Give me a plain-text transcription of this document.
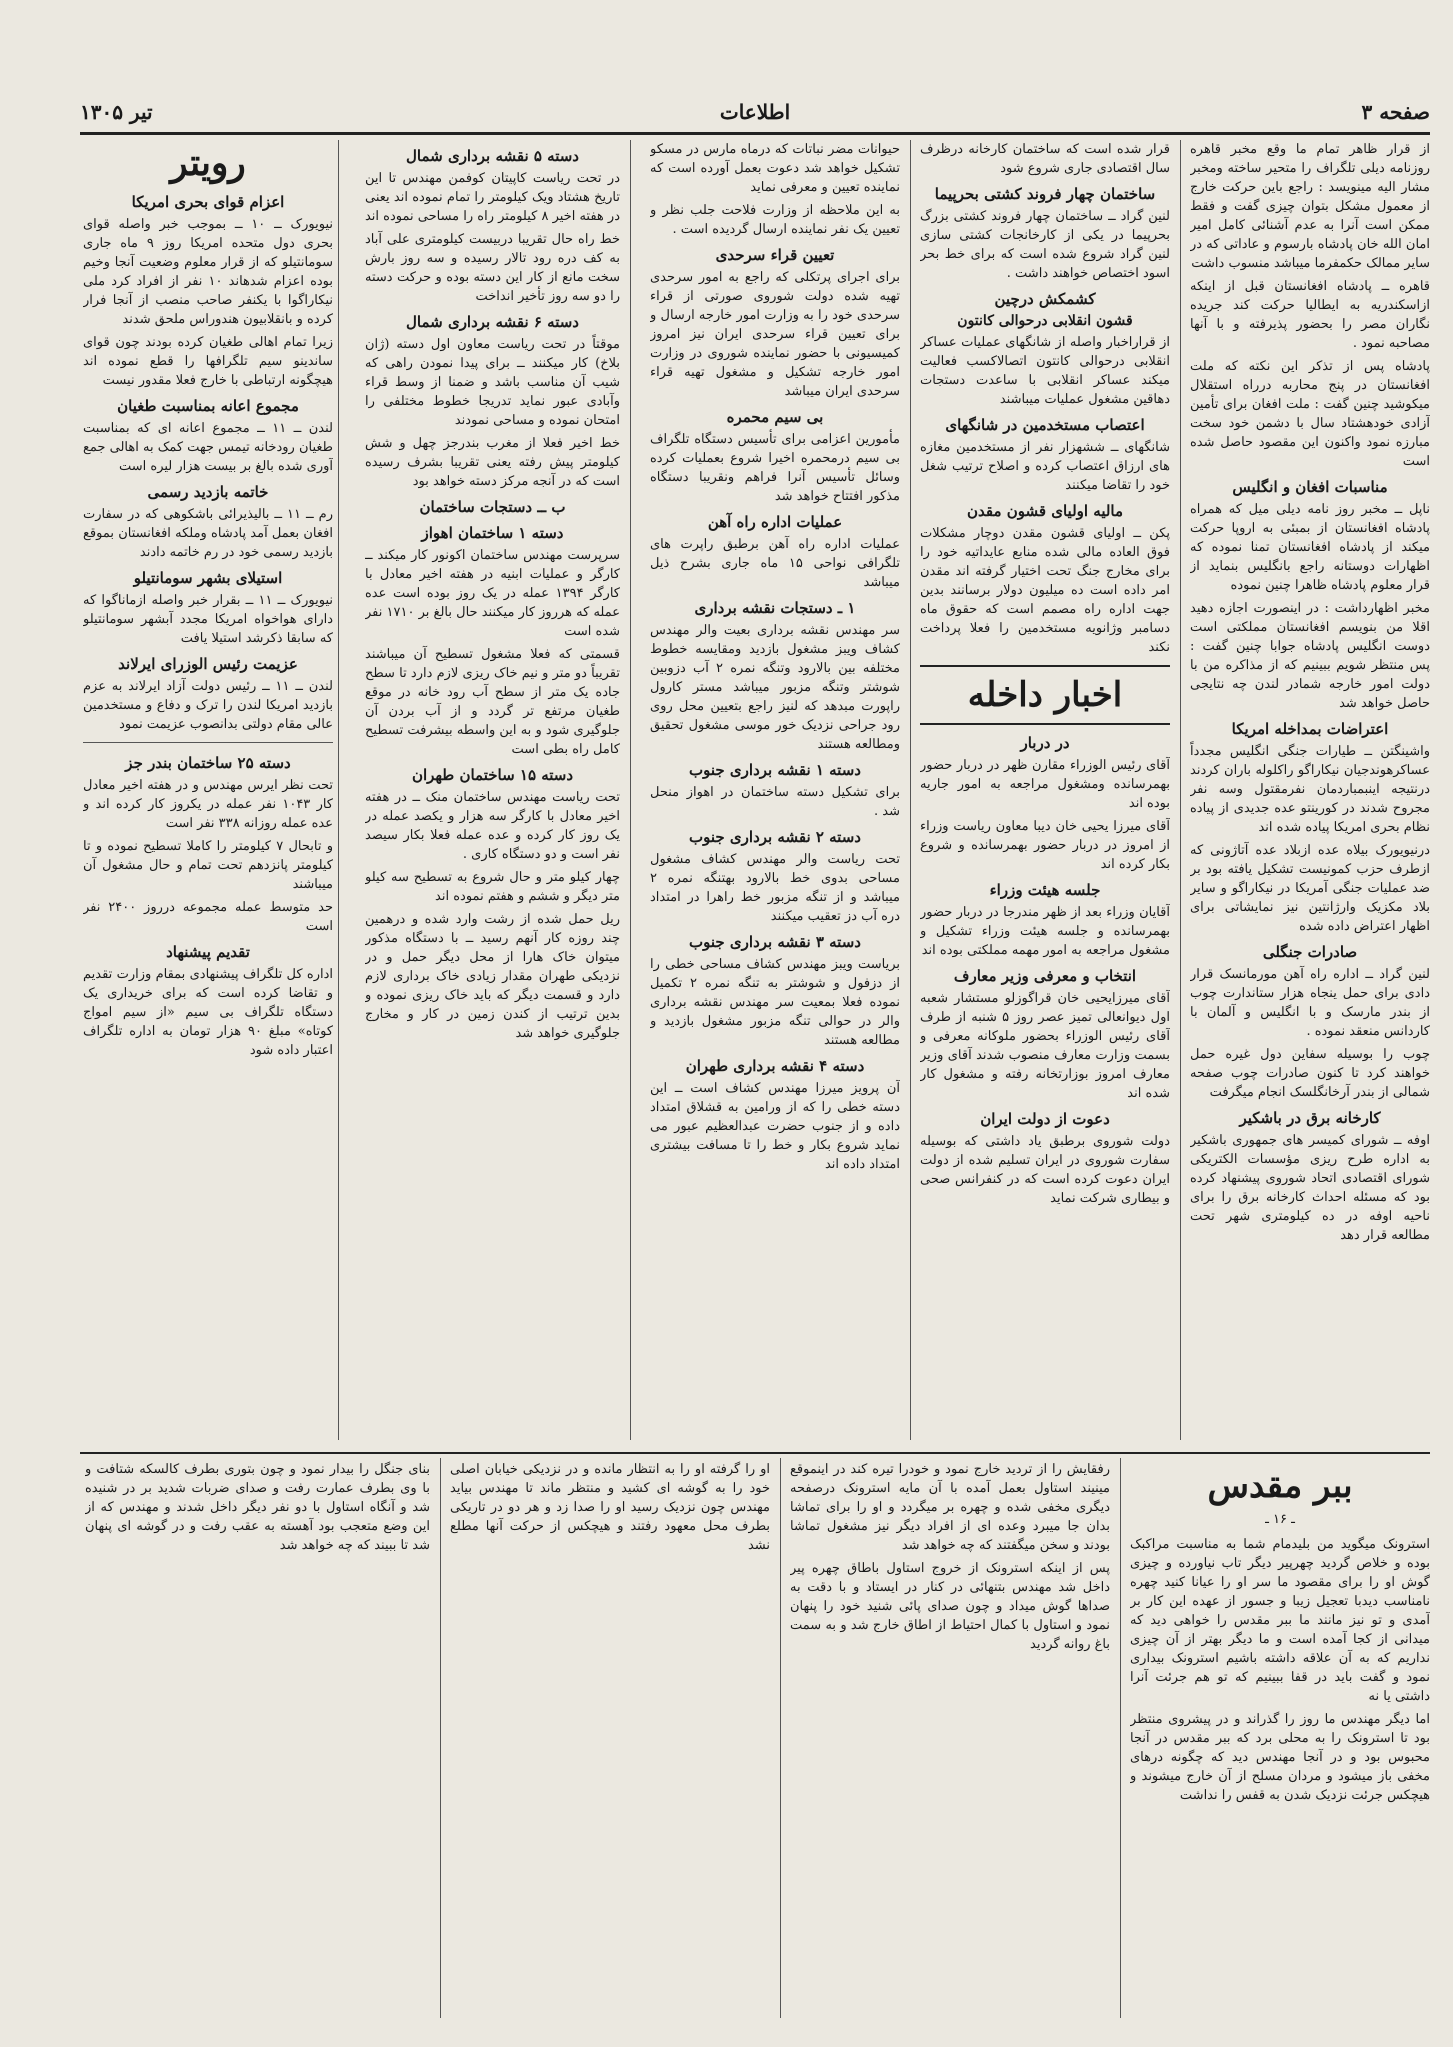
صفحه ۳
اطلاعات
تیر ۱۳۰۵

از قرار ظاهر تمام ما وقع مخبر قاهره روزنامه دیلی تلگراف را متحیر ساخته ومخبر مشار الیه مینویسد : راجع باین حرکت خارج از معمول مشکل بتوان چیزی گفت و فقط ممکن است آنرا به عدم آشنائی کامل امیر امان الله خان پادشاه بارسوم و عاداتی که در سایر ممالک حکمفرما میباشد منسوب داشت

قاهره ــ پادشاه افغانستان قبل از اینکه ازاسکندریه به ایطالیا حرکت کند جریده نگاران مصر را بحضور پذیرفته و با آنها مصاحبه نمود .

پادشاه پس از تذکر این نکته که ملت افغانستان در پنج محاربه درراه استقلال میکوشید چنین گفت : ملت افغان برای تأمین آزادی خودهشتاد سال با دشمن خود سخت مبارزه نمود واکنون این مقصود حاصل شده است

مناسبات افغان و انگلیس

ناپل ــ مخبر روز نامه دیلی میل که همراه پادشاه افغانستان از بمبئی به اروپا حرکت میکند از پادشاه افغانستان تمنا نموده که اظهارات دوستانه راجع بانگلیس بنماید از قرار معلوم پادشاه ظاهرا چنین نموده

مخبر اظهارداشت : در اینصورت اجازه دهید اقلا من بنویسم افغانستان مملکتی است دوست انگلیس پادشاه جوابا چنین گفت : پس منتظر شویم ببینیم که از مذاکره من با دولت امور خارجه شمادر لندن چه نتایجی حاصل خواهد شد

اعتراضات بمداخله امریکا

واشینگتن ــ طیارات جنگی انگلیس مجدداً عساکرهوندجیان نیکاراگو راکلوله باران کردند درنتیجه اینبمباردمان نفرمقتول وسه نفر مجروح شدند در کورینتو عده جدیدی از پیاده نظام بحری امریکا پیاده شده اند

درنیویورک بیلاه عده ازبلاد عده آتاژونی که ازطرف حزب کمونیست تشکیل یافته بود بر ضد عملیات جنگی آمریکا در نیکاراگو و سایر بلاد مکزیک وارژانتین نیز نمایشاتی برای اظهار اعتراض داده شده

صادرات جنگلی

لنین گراد ــ اداره راه آهن مورمانسک قرار دادی برای حمل ینجاه هزار ستاندارت چوب از بندر مارسک و با انگلیس و آلمان با کاردانس منعقد نموده .

چوب را بوسیله سفاین دول غیره حمل خواهند کرد تا کنون صادرات چوب صفحه شمالی از بندر آرخانگلسک انجام میگرفت

کارخانه برق در باشکیر

اوفه ــ شورای کمیسر های جمهوری باشکیر به اداره طرح ریزی مؤسسات الکتریکی شورای اقتصادی اتحاد شوروی پیشنهاد کرده بود که مسئله احداث کارخانه برق را برای ناحیه اوفه در ده کیلومتری شهر تحت مطالعه قرار دهد

قرار شده است که ساختمان کارخانه درظرف سال اقتصادی جاری شروع شود

ساختمان چهار فروند کشتی بحرپیما

لنین گراد ــ ساختمان چهار فروند کشتی بزرگ بحرپیما در یکی از کارخانجات کشتی سازی لنین گراد شروع شده است که برای خط بحر اسود اختصاص خواهند داشت .

کشمکش درچین
قشون انقلابی درحوالی کانتون

از قراراخبار واصله از شانگهای عملیات عساکر انقلابی درحوالی کانتون اتصالاکسب فعالیت میکند عساکر انقلابی با ساعدت دستجات دهاقین مشغول عملیات میباشند

اعتصاب مستخدمین در شانگهای

شانگهای ــ ششهزار نفر از مستخدمین مغازه های ارزاق اعتصاب کرده و اصلاح ترتیب شغل خود را تقاضا میکنند

مالیه اولیای قشون مقدن

پکن ــ اولیای قشون مقدن دوچار مشکلات فوق العاده مالی شده منابع عایداتیه خود را برای مخارج جنگ تحت اختیار گرفته اند مقدن امر داده است ده میلیون دولار برسانند بدین جهت اداره راه مصمم است که حقوق ماه دسامبر وژانویه مستخدمین را فعلا پرداخت نکند

اخبار داخله
در دربار

آقای رئیس الوزراء مقارن ظهر در دربار حضور بهمرسانده ومشغول مراجعه به امور جاریه بوده اند

آقای میرزا یحیی خان دیبا معاون ریاست وزراء از امروز در دربار حضور بهمرسانده و شروع بکار کرده اند

جلسه هیئت وزراء

آقایان وزراء بعد از ظهر مندرجا در دربار حضور بهمرسانده و جلسه هیئت وزراء تشکیل و مشغول مراجعه به امور مهمه مملکتی بوده اند

انتخاب و معرفی وزیر معارف

آقای میرزایحیی خان قراگوزلو مستشار شعبه اول دیوانعالی تمیز عصر روز ۵ شنبه از طرف آقای رئیس الوزراء بحضور ملوکانه معرفی و بسمت وزارت معارف منصوب شدند آقای وزیر معارف امروز بوزارتخانه رفته و مشغول کار شده اند

دعوت از دولت ایران

دولت شوروی برطبق یاد داشتی که بوسیله سفارت شوروی در ایران تسلیم شده از دولت ایران دعوت کرده است که در کنفرانس صحی و بیطاری شرکت نماید

حیوانات مضر نباتات که درماه مارس در مسکو تشکیل خواهد شد دعوت بعمل آورده است که نماینده تعیین و معرفی نماید

به این ملاحظه از وزارت فلاحت جلب نظر و تعیین یک نفر نماینده ارسال گردیده است .

تعیین قراء سرحدی

برای اجرای پرتکلی که راجع به امور سرحدی تهیه شده دولت شوروی صورتی از قراء سرحدی خود را به وزارت امور خارجه ارسال و برای تعیین قراء سرحدی ایران نیز امروز کمیسیونی با حضور نماینده شوروی در وزارت امور خارجه تشکیل و مشغول تهیه قراء سرحدی ایران میباشد

بی سیم محمره

مأمورین اعزامی برای تأسیس دستگاه تلگراف بی سیم درمحمره اخیرا شروع بعملیات کرده وسائل تأسیس آنرا فراهم ونقریبا دستگاه مذکور افتتاح خواهد شد

عملیات اداره راه آهن

عملیات اداره راه آهن برطبق راپرت های تلگرافی نواحی ۱۵ ماه جاری بشرح ذیل میباشد

۱ ـ دستجات نقشه برداری

سر مهندس نقشه برداری بعیت والر مهندس کشاف ویبز مشغول بازدید ومقایسه خطوط مختلفه بین بالارود وتنگه نمره ۲ آب دزوبین شوشتر وتنگه مزبور میباشد مستر کارول راپورت مبدهد که لنیز راجع بتعیین محل روی رود جراحی نزدیک خور موسی مشغول تحقیق ومطالعه هستند

دسته ۱ نقشه برداری جنوب

برای تشکیل دسته ساختمان در اهواز منحل شد .

دسته ۲ نقشه برداری جنوب

تحت ریاست والر مهندس کشاف مشغول مساحی بدوی خط بالارود بهتنگه نمره ۲ میباشد و از تنگه مزبور خط راهرا در امتداد دره آب دز تعقیب میکنند

دسته ۳ نقشه برداری جنوب

بریاست ویبز مهندس کشاف مساحی خطی را از دزفول و شوشتر به تنگه نمره ۲ تکمیل نموده فعلا بمعیت سر مهندس نقشه برداری والر در حوالی تنگه مزبور مشغول بازدید و مطالعه هستند

دسته ۴ نقشه برداری طهران

آن پرویز میرزا مهندس کشاف است ــ این دسته خطی را که از ورامین به قشلاق امتداد داده و از جنوب حضرت عبدالعظیم عبور می نماید شروع بکار و خط را تا مسافت بیشتری امتداد داده اند

دسته ۵ نقشه برداری شمال

در تحت ریاست کاپیتان کوفمن مهندس تا این تاریخ هشتاد ویک کیلومتر را تمام نموده اند یعنی در هفته اخیر ۸ کیلومتر راه را مساحی نموده اند

خط راه حال تقریبا دربیست کیلومتری علی آباد به کف دره رود تالار رسیده و سه روز بارش سخت مانع از کار این دسته بوده و حرکت دسته را دو سه روز تأخیر انداخت

دسته ۶ نقشه برداری شمال

موقتاً در تحت ریاست معاون اول دسته (ژان بلاخ) کار میکنند ــ برای پیدا نمودن راهی که شیب آن مناسب باشد و ضمنا از وسط قراء وآبادی عبور نماید تدریجا خطوط مختلفی را امتحان نموده و مساحی نمودند

خط اخیر فعلا از مغرب بندرجز چهل و شش کیلومتر پیش رفته یعنی تقریبا بشرف رسیده است که در آنجه مرکز دسته خواهد بود

ب ــ دستجات ساختمان
دسته ۱ ساختمان اهواز

سرپرست مهندس ساختمان اکونور کار میکند ــ کارگر و عملیات ابنیه در هفته اخیر معادل با کارگر ۱۳۹۴ عمله در یک روز بوده است عده عمله که هرروز کار میکنند حال بالغ بر ۱۷۱۰ نفر شده است

قسمتی که فعلا مشغول تسطیح آن میباشند تقریباً دو متر و نیم خاک ریزی لازم دارد تا سطح جاده یک متر از سطح آب رود خانه در موقع طغیان مرتفع تر گردد و از آب بردن آن جلوگیری شود و به این واسطه بیشرفت تسطیح کامل راه بطی است

دسته ۱۵ ساختمان طهران

تحت ریاست مهندس ساختمان منک ــ در هفته اخیر معادل با کارگر سه هزار و یکصد عمله در یک روز کار کرده و عده عمله فعلا بکار سیصد نفر است و دو دستگاه کاری .

چهار کیلو متر و حال شروع به تسطیح سه کیلو متر دیگر و ششم و هفتم نموده اند

ریل حمل شده از رشت وارد شده و درهمین چند روزه کار آنهم رسید ــ با دستگاه مذکور میتوان خاک هارا از محل دیگر حمل و در نزدیکی طهران مقدار زیادی خاک برداری لازم دارد و قسمت دیگر که باید خاک ریزی نموده و بدین ترتیب از کندن زمین در کار و مخارج جلوگیری خواهد شد

رویتر
اعزام قوای بحری امریکا

نیویورک ــ ۱۰ ــ بموجب خبر واصله قوای بحری دول متحده امریکا روز ۹ ماه جاری سومانتیلو که از قرار معلوم وضعیت آنجا وخیم بوده اعزام شدهاند ۱۰ نفر از افراد کرد ملی نیکاراگوا با یکنفر صاحب منصب از آنجا فرار کرده و بانقلابیون هندوراس ملحق شدند

زیرا تمام اهالی طغیان کرده بودند چون قوای ساندینو سیم تلگرافها را قطع نموده اند هیچگونه ارتباطی با خارج فعلا مقدور نیست

مجموع اعانه بمناسبت طغیان

لندن ــ ۱۱ ــ مجموع اعانه ای که بمناسبت طغیان رودخانه تیمس جهت کمک به اهالی جمع آوری شده بالغ بر بیست هزار لیره است

خاتمه بازدید رسمی

رم ــ ۱۱ ــ بالیذیرائی باشکوهی که در سفارت افغان بعمل آمد پادشاه وملکه افغانستان بموقع بازدید رسمی خود در رم خاتمه دادند

استیلای بشهر سومانتیلو

نیویورک ــ ۱۱ ــ بقرار خبر واصله ازماناگوا که دارای هواخواه امریکا مجدد آبشهر سومانتیلو که سابقا ذکرشد استیلا یافت

عزیمت رئیس الوزرای ایرلاند

لندن ــ ۱۱ ــ رئیس دولت آزاد ایرلاند به عزم بازدید امریکا لندن را ترک و دفاع و مستخدمین عالی مقام دولتی بدانصوب عزیمت نمود

دسته ۲۵ ساختمان بندر جز

تحت نظر ایرس مهندس و در هفته اخیر معادل کار ۱۰۴۳ نفر عمله در یکروز کار کرده اند و عده عمله روزانه ۳۳۸ نفر است

و تابحال ۷ کیلومتر را کاملا تسطیح نموده و تا کیلومتر پانزدهم تحت تمام و حال مشغول آن میباشند

حد متوسط عمله مجموعه درروز ۲۴۰۰ نفر است

تقدیم پیشنهاد

اداره کل تلگراف پیشنهادی بمقام وزارت تقدیم و تقاضا کرده است که برای خریداری یک دستگاه تلگراف بی سیم «از سیم امواج کوتاه» مبلغ ۹۰ هزار تومان به اداره تلگراف اعتبار داده شود

ببر مقدس
ـ ۱۶ ـ

استرونک میگوید من بلیدمام شما به مناسبت مراکبک بوده و خلاص گردید چهرپیر دیگر تاب نیاورده و چیزی گوش او را برای مقصود ما سر او را عیانا کنید چهره نامناسب دیدبا تعجیل زیبا و جسور از عهده این کار بر آمدی و تو نیز مانند ما ببر مقدس را خواهی دید که میدانی از کجا آمده است و ما دیگر بهتر از آن چیزی نداریم که به آن علاقه داشته باشیم استرونک بیداری نمود و گفت باید در قفا ببینیم که تو هم جرئت آنرا داشتی یا نه

اما دیگر مهندس ما روز را گذراند و در پیشروی منتظر بود تا استرونک را به محلی برد که ببر مقدس در آنجا محبوس بود و در آنجا مهندس دید که چگونه درهای مخفی باز میشود و مردان مسلح از آن خارج میشوند و هیچکس جرئت نزدیک شدن به قفس را نداشت

رفقایش را از تردید خارج نمود و خودرا تیره کند در اینموقع مینیند استاول بعمل آمده با آن مایه استرونک درصفحه دیگری مخفی شده و چهره بر میگردد و او را برای تماشا بدان جا میبرد وعده ای از افراد دیگر نیز مشغول تماشا بودند و سخن میگفتند که چه خواهد شد

پس از اینکه استرونک از خروج استاول باطاق چهره پیر داخل شد مهندس بتنهائی در کنار در ایستاد و با دقت به صداها گوش میداد و چون صدای پائی شنید خود را پنهان نمود و استاول با کمال احتیاط از اطاق خارج شد و به سمت باغ روانه گردید

او را گرفته او را به انتظار مانده و در نزدیکی خیابان اصلی خود را به گوشه ای کشید و منتظر ماند تا مهندس بیاید مهندس چون نزدیک رسید او را صدا زد و هر دو در تاریکی بطرف محل معهود رفتند و هیچکس از حرکت آنها مطلع نشد

بنای جنگل را بیدار نمود و چون بتوری بطرف کالسکه شتافت و با وی بطرف عمارت رفت و صدای ضربات شدید بر در شنیده شد و آنگاه استاول با دو نفر دیگر داخل شدند و مهندس که از این وضع متعجب بود آهسته به عقب رفت و در گوشه ای پنهان شد تا ببیند که چه خواهد شد
